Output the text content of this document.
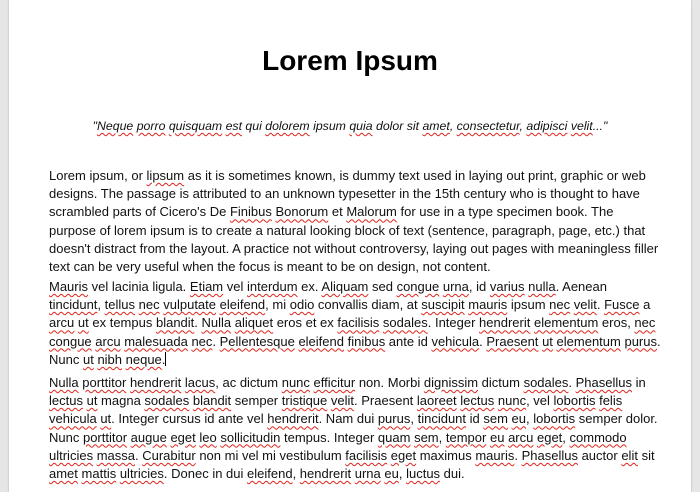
Lorem Ipsum

"Neque porro quisquam est qui dolorem ipsum quia dolor sit amet, consectetur, adipisci velit..."

Lorem ipsum, or lipsum as it is sometimes known, is dummy text used in laying out print, graphic or web designs. The passage is attributed to an unknown typesetter in the 15th century who is thought to have scrambled parts of Cicero's De Finibus Bonorum et Malorum for use in a type specimen book. The purpose of lorem ipsum is to create a natural looking block of text (sentence, paragraph, page, etc.) that doesn't distract from the layout. A practice not without controversy, laying out pages with meaningless filler text can be very useful when the focus is meant to be on design, not content.

Mauris vel lacinia ligula. Etiam vel interdum ex. Aliquam sed congue urna, id varius nulla. Aenean tincidunt, tellus nec vulputate eleifend, mi odio convallis diam, at suscipit mauris ipsum nec velit. Fusce a arcu ut ex tempus blandit. Nulla aliquet eros et ex facilisis sodales. Integer hendrerit elementum eros, nec congue arcu malesuada nec. Pellentesque eleifend finibus ante id vehicula. Praesent ut elementum purus. Nunc ut nibh neque.

Nulla porttitor hendrerit lacus, ac dictum nunc efficitur non. Morbi dignissim dictum sodales. Phasellus in lectus ut magna sodales blandit semper tristique velit. Praesent laoreet lectus nunc, vel lobortis felis vehicula ut. Integer cursus id ante vel hendrerit. Nam dui purus, tincidunt id sem eu, lobortis semper dolor. Nunc porttitor augue eget leo sollicitudin tempus. Integer quam sem, tempor eu arcu eget, commodo ultricies massa. Curabitur non mi vel mi vestibulum facilisis eget maximus mauris. Phasellus auctor elit sit amet mattis ultricies. Donec in dui eleifend, hendrerit urna eu, luctus dui.
